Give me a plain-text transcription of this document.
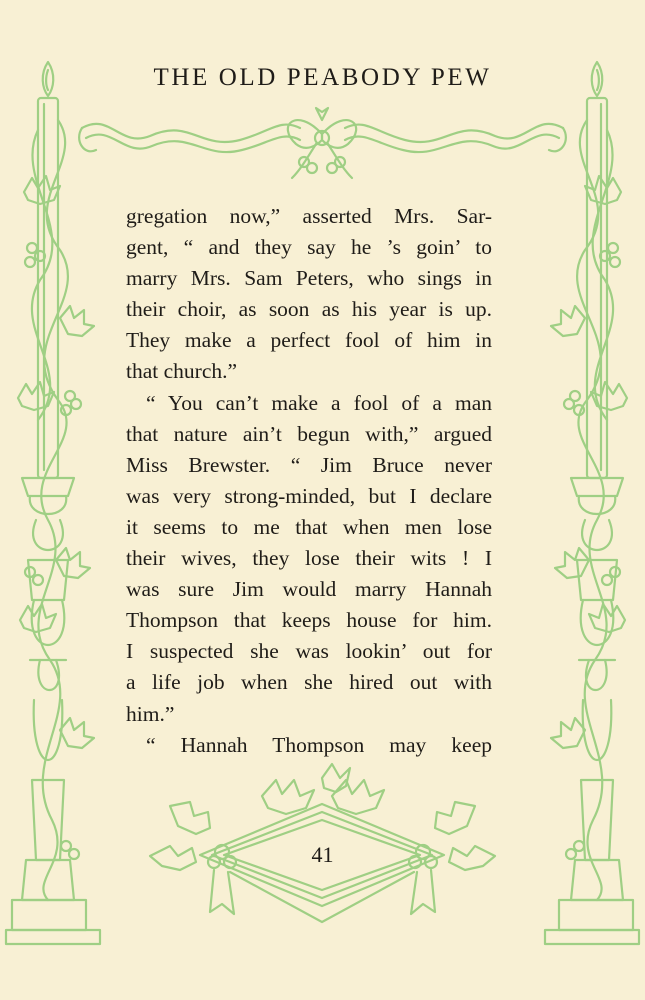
THE OLD PEABODY PEW
gregation now,” asserted Mrs. Sar-
gent, “ and they say he ’s goin’ to
marry Mrs. Sam Peters, who sings in
their choir, as soon as his year is up.
They make a perfect fool of him in
that church.”
“ You can’t make a fool of a man
that nature ain’t begun with,” argued
Miss Brewster. “ Jim Bruce never
was very strong-minded, but I declare
it seems to me that when men lose
their wives, they lose their wits ! I
was sure Jim would marry Hannah
Thompson that keeps house for him.
I suspected she was lookin’ out for
a life job when she hired out with
him.”
“ Hannah Thompson may keep
41
